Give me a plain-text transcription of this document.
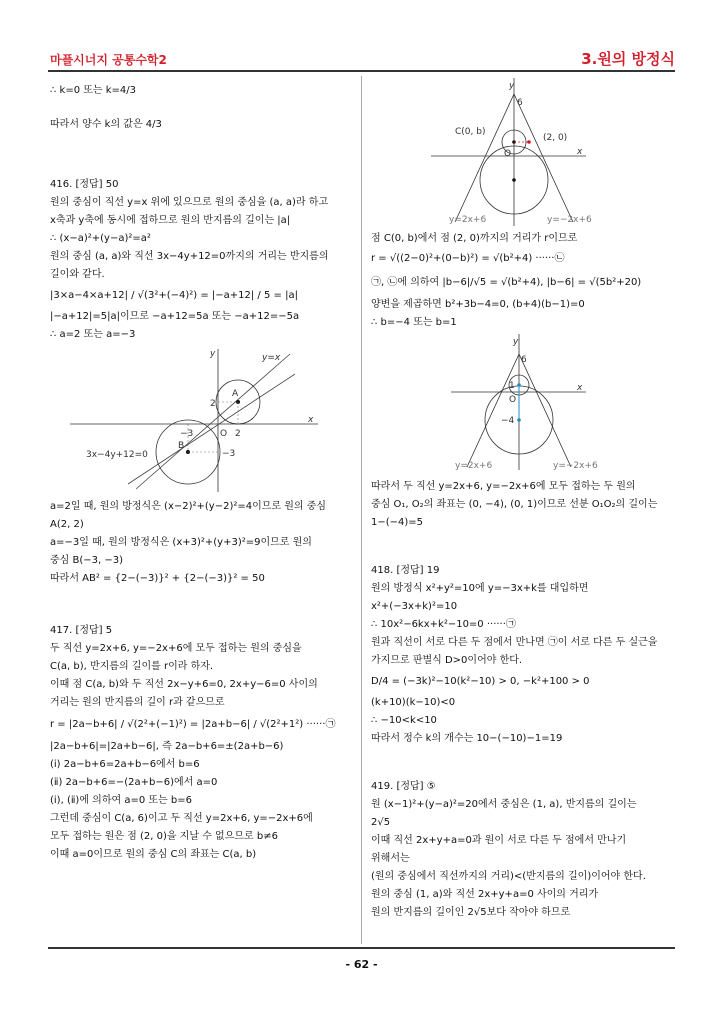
마플시너지 공통수학2	3.원의 방정식
∴ k=0 또는 k=4/3
따라서 양수 k의 값은 4/3
416. [정답] 50
원의 중심이 직선 y=x 위에 있으므로 원의 중심을 (a, a)라 하고
x축과 y축에 동시에 접하므로 원의 반지름의 길이는 |a|
∴ (x−a)²+(y−a)²=a²
원의 중심 (a, a)와 직선 3x−4y+12=0까지의 거리는 반지름의
길이와 같다.
|3×a−4×a+12| / √(3²+(−4)²) = |−a+12| / 5 = |a|
|−a+12|=5|a|이므로 −a+12=5a 또는 −a+12=−5a
∴ a=2 또는 a=−3
y
x
y=x
3x−4y+12=0
A
B
2
2
−3
−3
O
a=2일 때, 원의 방정식은 (x−2)²+(y−2)²=4이므로 원의 중심
A(2, 2)
a=−3일 때, 원의 방정식은 (x+3)²+(y+3)²=9이므로 원의
중심 B(−3, −3)
따라서 AB² = {2−(−3)}² + {2−(−3)}² = 50
417. [정답] 5
두 직선 y=2x+6, y=−2x+6에 모두 접하는 원의 중심을
C(a, b), 반지름의 길이를 r이라 하자.
이때 점 C(a, b)와 두 직선 2x−y+6=0, 2x+y−6=0 사이의
거리는 원의 반지름의 길이 r과 같으므로
r = |2a−b+6| / √(2²+(−1)²) = |2a+b−6| / √(2²+1²) ······㉠
|2a−b+6|=|2a+b−6|, 즉 2a−b+6=±(2a+b−6)
(ⅰ) 2a−b+6=2a+b−6에서 b=6
(ⅱ) 2a−b+6=−(2a+b−6)에서 a=0
(ⅰ), (ⅱ)에 의하여 a=0 또는 b=6
그런데 중심이 C(a, 6)이고 두 직선 y=2x+6, y=−2x+6에
모두 접하는 원은 점 (2, 0)을 지날 수 없으므로 b≠6
이때 a=0이므로 원의 중심 C의 좌표는 C(a, b)
y
x
6
C(0, b)
(2, 0)
O
y=2x+6	y=−2x+6
점 C(0, b)에서 점 (2, 0)까지의 거리가 r이므로
r = √((2−0)²+(0−b)²) = √(b²+4) ······㉡
㉠, ㉡에 의하여 |b−6|/√5 = √(b²+4), |b−6| = √(5b²+20)
양변을 제곱하면 b²+3b−4=0, (b+4)(b−1)=0
∴ b=−4 또는 b=1
y
x
6
1
−4
O
y=2x+6	y=−2x+6
따라서 두 직선 y=2x+6, y=−2x+6에 모두 접하는 두 원의
중심 O₁, O₂의 좌표는 (0, −4), (0, 1)이므로 선분 O₁O₂의 길이는
1−(−4)=5
418. [정답] 19
원의 방정식 x²+y²=10에 y=−3x+k를 대입하면
x²+(−3x+k)²=10
∴ 10x²−6kx+k²−10=0 ······㉠
원과 직선이 서로 다른 두 점에서 만나면 ㉠이 서로 다른 두 실근을
가지므로 판별식 D>0이어야 한다.
D/4 = (−3k)²−10(k²−10) > 0, −k²+100 > 0
(k+10)(k−10)<0
∴ −10<k<10
따라서 정수 k의 개수는 10−(−10)−1=19
419. [정답] ⑤
원 (x−1)²+(y−a)²=20에서 중심은 (1, a), 반지름의 길이는
2√5
이때 직선 2x+y+a=0과 원이 서로 다른 두 점에서 만나기
위해서는
(원의 중심에서 직선까지의 거리)<(반지름의 길이)이어야 한다.
원의 중심 (1, a)와 직선 2x+y+a=0 사이의 거리가
원의 반지름의 길이인 2√5보다 작아야 하므로
- 62 -
